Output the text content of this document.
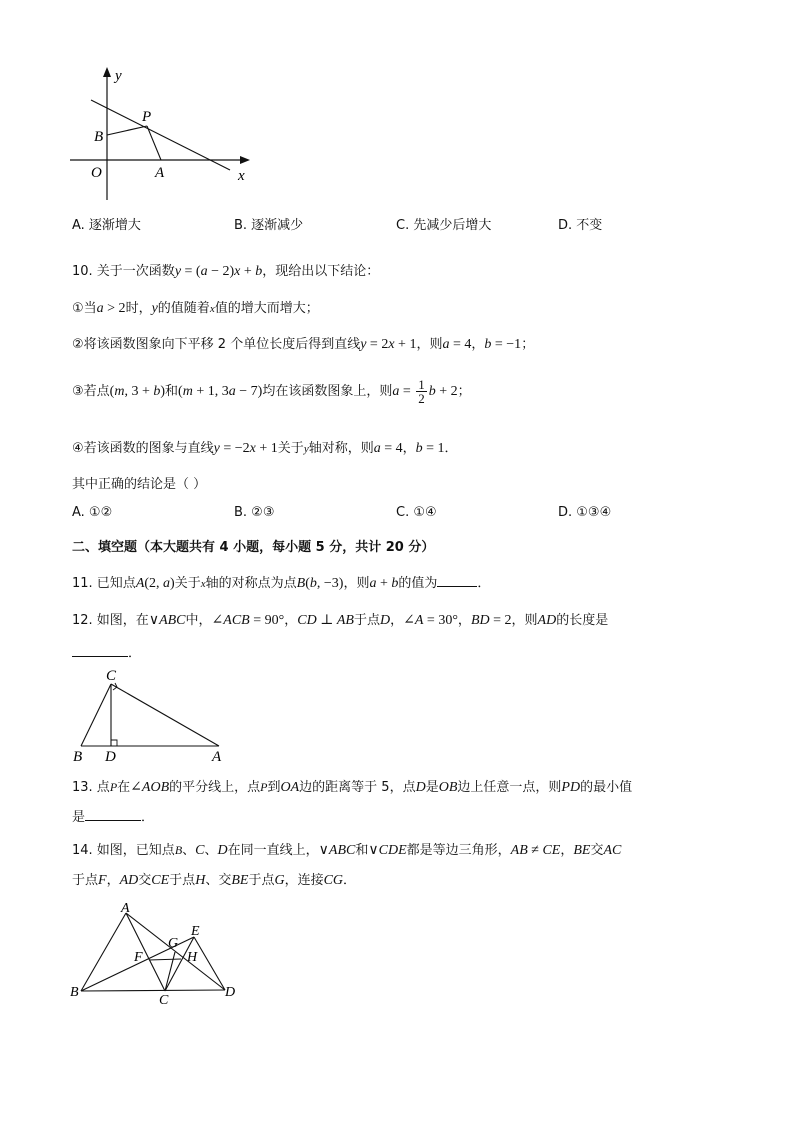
y
x
O	A
B
P
A. 逐渐增大	B. 逐渐减少	C. 先减少后增大	D. 不变
10. 关于一次函数y = (a − 2)x + b，现给出以下结论：
①当a > 2时，y的值随着x值的增大而增大；
②将该函数图象向下平移 2 个单位长度后得到直线y = 2x + 1，则a = 4，b = −1；
③若点(m, 3 + b)和(m + 1, 3a − 7)均在该函数图象上，则$a = \frac{1}{2}$ b + 2；
④若该函数的图象与直线y = −2x + 1关于y轴对称，则a = 4，b = 1．
其中正确的结论是（ ）
A. ①②	B. ②③	C. ①④	D. ①③④
二、填空题（本大题共有 4 小题，每小题 5 分，共计 20 分）
11. 已知点A(2, a)关于x轴的对称点为点B(b, −3)，则a + b的值为	．
12. 如图，在∨ABC中，∠ACB = 90°，CD ⊥ AB于点D，∠A = 30°，BD = 2，则AD的长度是
．
C
B D	A
13. 点P在∠AOB的平分线上，点P到OA边的距离等于 5，点D是OB边上任意一点，则PD的最小值
是	．
14. 如图，已知点B、C、D在同一直线上，∨ABC和∨CDE都是等边三角形，AB ≠ CE，BE交AC
于点F，AD交CE于点H、交BE于点G，连接CG．
A
B
C
D
E
F
G
H
